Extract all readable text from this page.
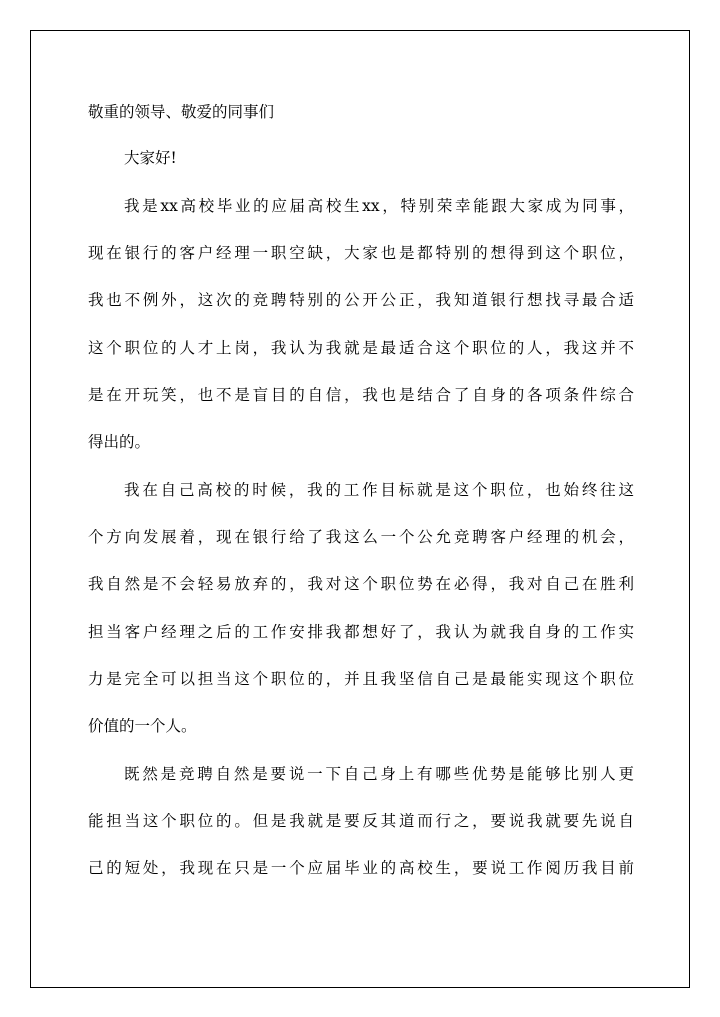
敬重的领导、敬爱的同事们
大家好!
我是xx高校毕业的应届高校生xx，特别荣幸能跟大家成为同事，
现在银行的客户经理一职空缺，大家也是都特别的想得到这个职位，
我也不例外，这次的竞聘特别的公开公正，我知道银行想找寻最合适
这个职位的人才上岗，我认为我就是最适合这个职位的人，我这并不
是在开玩笑，也不是盲目的自信，我也是结合了自身的各项条件综合
得出的。
我在自己高校的时候，我的工作目标就是这个职位，也始终往这
个方向发展着，现在银行给了我这么一个公允竞聘客户经理的机会，
我自然是不会轻易放弃的，我对这个职位势在必得，我对自己在胜利
担当客户经理之后的工作安排我都想好了，我认为就我自身的工作实
力是完全可以担当这个职位的，并且我坚信自己是最能实现这个职位
价值的一个人。
既然是竞聘自然是要说一下自己身上有哪些优势是能够比别人更
能担当这个职位的。但是我就是要反其道而行之，要说我就要先说自
己的短处，我现在只是一个应届毕业的高校生，要说工作阅历我目前
